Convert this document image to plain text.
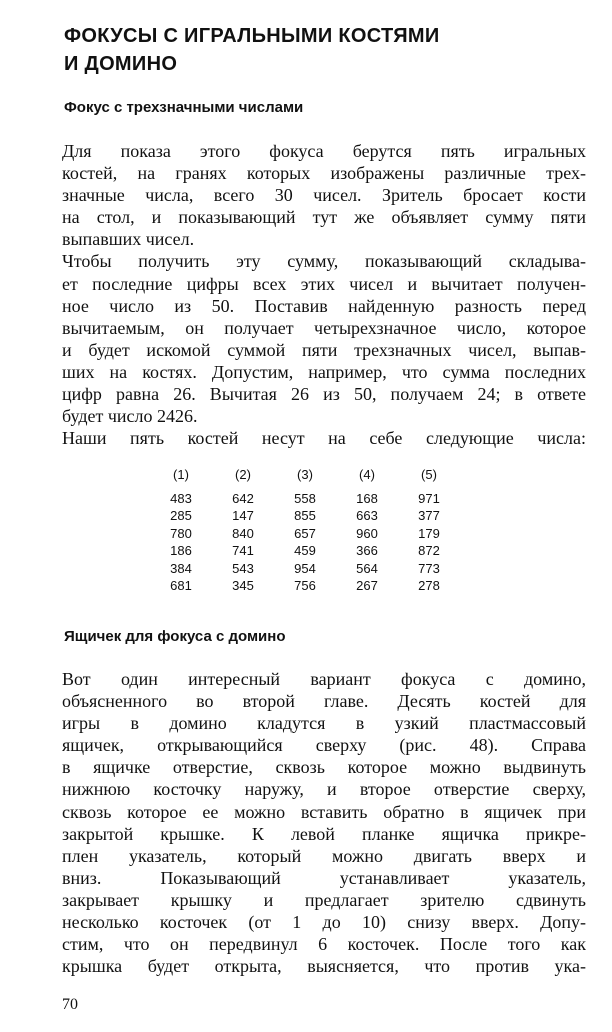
ФОКУСЫ С ИГРАЛЬНЫМИ КОСТЯМИ
И ДОМИНО
Фокус с трехзначными числами

Для показа этого фокуса берутся пять игральных
костей, на гранях которых изображены различные трех-
значные числа, всего 30 чисел. Зритель бросает кости
на стол, и показывающий тут же объявляет сумму пяти
выпавших чисел.

Чтобы получить эту сумму, показывающий складыва-
ет последние цифры всех этих чисел и вычитает получен-
ное число из 50. Поставив найденную разность перед
вычитаемым, он получает четырехзначное число, которое
и будет искомой суммой пяти трехзначных чисел, выпав-
ших на костях. Допустим, например, что сумма последних
цифр равна 26. Вычитая 26 из 50, получаем 24; в ответе
будет число 2426.

Наши пять костей несут на себе следующие числа:

(1)	(2)	(3)	(4)	(5)
483	642	558	168	971
285	147	855	663	377
780	840	657	960	179
186	741	459	366	872
384	543	954	564	773
681	345	756	267	278
Ящичек для фокуса с домино

Вот один интересный вариант фокуса с домино,
объясненного во второй главе. Десять костей для
игры в домино кладутся в узкий пластмассовый
ящичек, открывающийся сверху (рис. 48). Справа
в ящичке отверстие, сквозь которое можно выдвинуть
нижнюю косточку наружу, и второе отверстие сверху,
сквозь которое ее можно вставить обратно в ящичек при
закрытой крышке. К левой планке ящичка прикре-
плен указатель, который можно двигать вверх и
вниз. Показывающий устанавливает указатель,
закрывает крышку и предлагает зрителю сдвинуть
несколько косточек (от 1 до 10) снизу вверх. Допу-
стим, что он передвинул 6 косточек. После того как
крышка будет открыта, выясняется, что против ука-

70
